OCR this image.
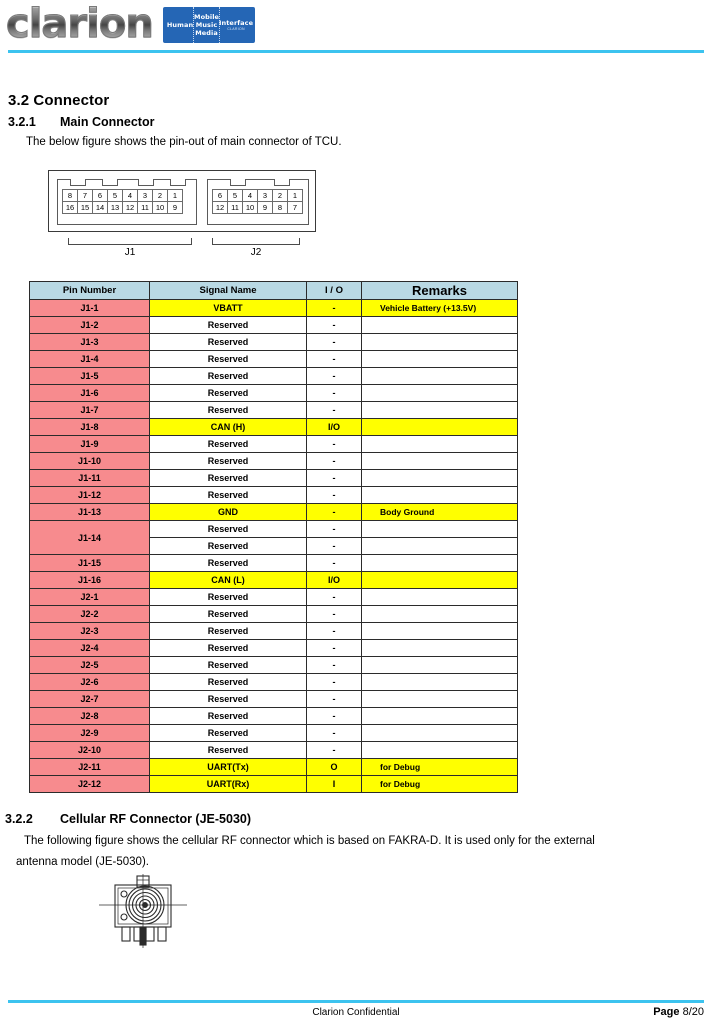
clarion Human
Mobile
Music
Media
Interface
CLARION
3.2 Connector
3.2.1 Main Connector
The below figure shows the pin-out of main connector of TCU.
8	7	6	5	4	3	2	1
16 15 14 13 12 11 10	9
6	5	4	3	2	1
12 11 10	9	8	7
J1	J2
Pin Number	Signal Name	I / O	Remarks
J1-1	VBATT	-	Vehicle Battery (+13.5V)
J1-2	Reserved	-	
J1-3	Reserved	-	
J1-4	Reserved	-	
J1-5	Reserved	-	
J1-6	Reserved	-	
J1-7	Reserved	-	
J1-8	CAN (H)	I/O	
J1-9	Reserved	-	
J1-10	Reserved	-	
J1-11	Reserved	-	
J1-12	Reserved	-	
J1-13	GND	-	Body Ground
J1-14	Reserved	-	
	Reserved	-	
J1-15	Reserved	-	
J1-16	CAN (L)	I/O	
J2-1	Reserved	-	
J2-2	Reserved	-	
J2-3	Reserved	-	
J2-4	Reserved	-	
J2-5	Reserved	-	
J2-6	Reserved	-	
J2-7	Reserved	-	
J2-8	Reserved	-	
J2-9	Reserved	-	
J2-10	Reserved	-	
J2-11	UART(Tx)	O	for Debug
J2-12	UART(Rx)	I	for Debug
3.2.2 Cellular RF Connector (JE-5030)
The following figure shows the cellular RF connector which is based on FAKRA-D. It is used only for the external
antenna model (JE-5030).
Clarion Confidential	Page 8/20
